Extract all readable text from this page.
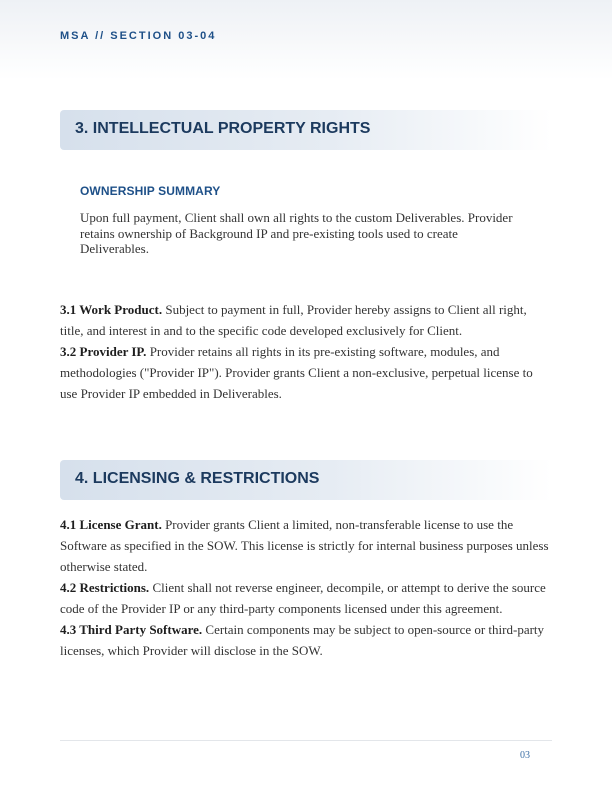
MSA // SECTION 03-04
3. INTELLECTUAL PROPERTY RIGHTS

OWNERSHIP SUMMARY

Upon full payment, Client shall own all rights to the custom Deliverables. Provider retains ownership of Background IP and pre-existing tools used to create Deliverables.

3.1 Work Product. Subject to payment in full, Provider hereby assigns to Client all right, title, and interest in and to the specific code developed exclusively for Client.

3.2 Provider IP. Provider retains all rights in its pre-existing software, modules, and methodologies ("Provider IP"). Provider grants Client a non-exclusive, perpetual license to use Provider IP embedded in Deliverables.

4. LICENSING & RESTRICTIONS

4.1 License Grant. Provider grants Client a limited, non-transferable license to use the Software as specified in the SOW. This license is strictly for internal business purposes unless otherwise stated.

4.2 Restrictions. Client shall not reverse engineer, decompile, or attempt to derive the source code of the Provider IP or any third-party components licensed under this agreement.

4.3 Third Party Software. Certain components may be subject to open-source or third-party licenses, which Provider will disclose in the SOW.

03
